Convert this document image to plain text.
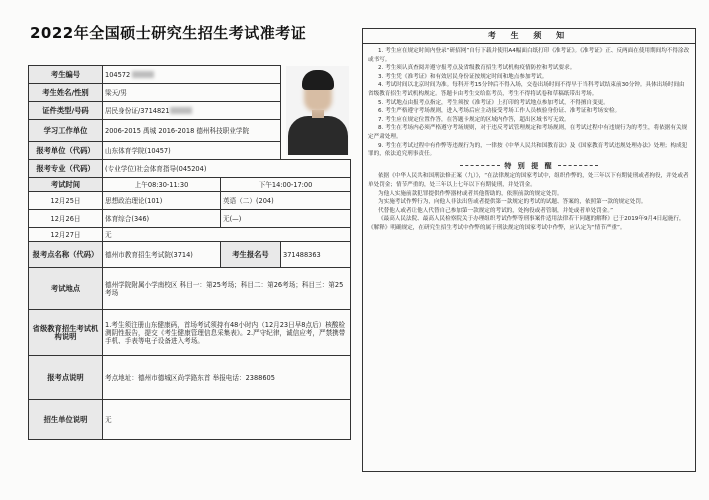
2022年全国硕士研究生招生考试准考证
考生编号	104572		
考生姓名/性别	梁天/男		
证件类型/号码	居民身份证/3714821		
学习工作单位	2006-2015 禹城 2016-2018 德州科技职业学院		
报考单位（代码）	山东体育学院(10457)		
报考专业（代码）	(专业学位)社会体育指导(045204)		
考试时间	上午08:30-11:30	下午14:00-17:00	
12月25日	思想政治理论(101)	英语（二）(204)	
12月26日	体育综合(346)	无(—)	
12月27日	无		
报考点名称（代码）	德州市教育招生考试院(3714)	考生报名号	371488363
考试地点	德州学院附属小学南校区 科目一：第25考场；科目二：第26考场；科目三：第25考场		
省级教育招生考试机构说明	1.考生须注册山东健康码，首场考试须持有48小时内（12月23日早8点后）核酸检测阴性报告，提交《考生健康管理信息采集表》。2.严守纪律，诚信应考，严禁携带手机、手表等电子设备进入考场。		
报考点说明	考点地址：德州市德城区尚学路东首 举报电话：2388605		
招生单位说明	无		
考 生 须 知

1. 考生应在规定时间内登录“研招网”自行下载并使用A4幅面白纸打印《准考证》。《准考证》正、反两面在使用期间均不得涂改或书写。

2. 考生须认真查阅并遵守报考点及省级教育招生考试机构疫情防控和考试要求。

3. 考生凭《准考证》和有效居民身份证按规定时间和地点参加考试。

4. 考试时间以北京时间为准。每科开考15分钟后不得入场，交卷出场时间不得早于当科考试结束前30分钟。具体出场时间由省级教育招生考试机构规定。答题卡由考生交给监考员，考生不得将试卷和草稿纸带出考场。

5. 考试地点由报考点指定，考生须按《准考证》上打印的考试地点参加考试，不得擅自变更。

6. 考生严格遵守考场规则，进入考场后应主动接受考场工作人员核验身份证、准考证和考场安检。

7. 考生应在规定位置作答，在答题卡规定的区域内作答，超出区域书写无效。

8. 考生在考场内必须严格遵守考场规则，对于违反考试管理规定和考场规则，在考试过程中有违规行为的考生，将依据有关规定严肃处理。

9. 考生在考试过程中有作弊等违规行为的，一律按《中华人民共和国教育法》及《国家教育考试违规处理办法》处理；构成犯罪的，依法追究刑事责任。

特 别 提 醒

依据《中华人民共和国刑法修正案（九）》，“在法律规定的国家考试中，组织作弊的，处三年以下有期徒刑或者拘役，并处或者单处罚金；情节严重的，处三年以上七年以下有期徒刑，并处罚金。

为他人实施前款犯罪提供作弊器材或者其他帮助的，依照前款的规定处罚。

为实施考试作弊行为，向他人非法出售或者提供第一款规定的考试的试题、答案的，依照第一款的规定处罚。

代替他人或者让他人代替自己参加第一款规定的考试的，处拘役或者管制，并处或者单处罚金。”

《最高人民法院、最高人民检察院关于办理组织考试作弊等刑事案件适用法律若干问题的解释》已于2019年9月4日起施行，《解释》明确规定，在研究生招生考试中作弊的属于刑法规定的国家考试中作弊，应认定为“情节严重”。
